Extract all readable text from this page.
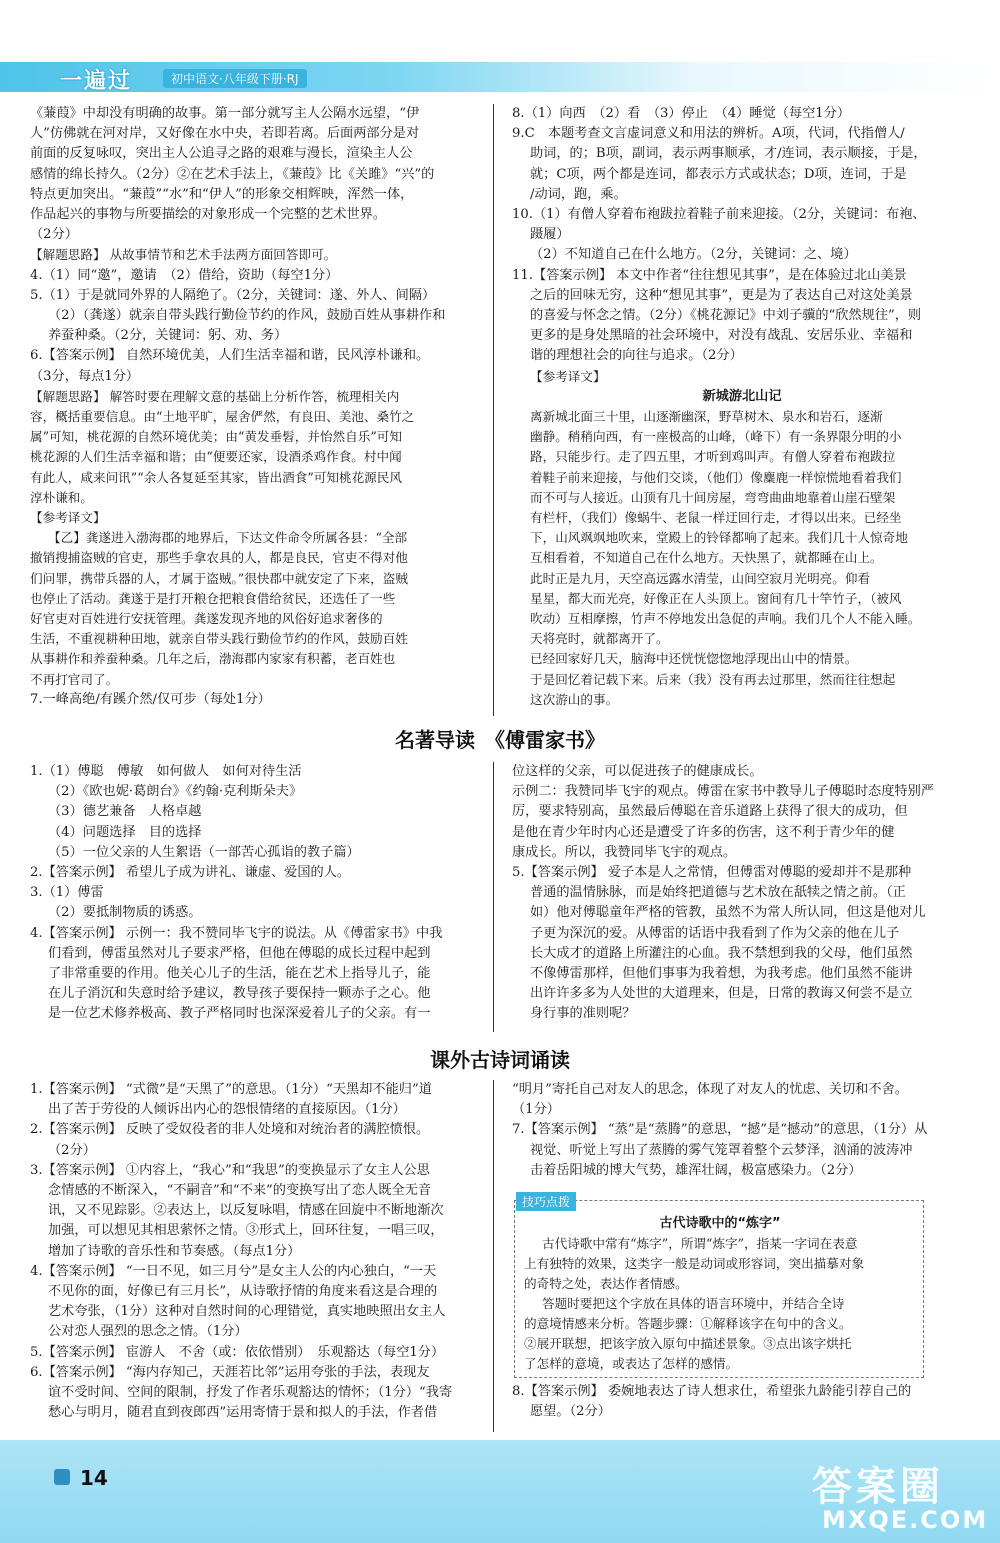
一遍过	初中语文·八年级下册·RJ

《蒹葭》中却没有明确的故事。第一部分就写主人公隔水远望，“伊

人”仿佛就在河对岸，又好像在水中央，若即若离。后面两部分是对

前面的反复咏叹，突出主人公追寻之路的艰难与漫长，渲染主人公

感情的绵长持久。（2分）②在艺术手法上，《蒹葭》比《关雎》“兴”的

特点更加突出。“蒹葭”“水”和“伊人”的形象交相辉映，浑然一体，

作品起兴的事物与所要描绘的对象形成一个完整的艺术世界。

（2分）

【解题思路】 从故事情节和艺术手法两方面回答即可。

4.（1）同“邀”，邀请　（2）借给，资助（每空1分）

5.（1）于是就同外界的人隔绝了。（2分，关键词：遂、外人、间隔）

（2）（龚遂）就亲自带头践行勤俭节约的作风，鼓励百姓从事耕作和

养蚕种桑。（2分，关键词：躬、劝、务）

6.【答案示例】 自然环境优美，人们生活幸福和谐，民风淳朴谦和。

（3分，每点1分）

【解题思路】 解答时要在理解文意的基础上分析作答，梳理相关内

容，概括重要信息。由“土地平旷，屋舍俨然，有良田、美池、桑竹之

属”可知，桃花源的自然环境优美；由“黄发垂髫，并怡然自乐”可知

桃花源的人们生活幸福和谐；由“便要还家，设酒杀鸡作食。村中闻

有此人，咸来问讯”“余人各复延至其家，皆出酒食”可知桃花源民风

淳朴谦和。

【参考译文】

【乙】龚遂进入渤海郡的地界后，下达文件命令所属各县：“全部

撤销搜捕盗贼的官吏，那些手拿农具的人，都是良民，官吏不得对他

们问罪，携带兵器的人，才属于盗贼。”很快郡中就安定了下来，盗贼

也停止了活动。龚遂于是打开粮仓把粮食借给贫民，还选任了一些

好官吏对百姓进行安抚管理。龚遂发现齐地的风俗好追求奢侈的

生活，不重视耕种田地，就亲自带头践行勤俭节约的作风，鼓励百姓

从事耕作和养蚕种桑。几年之后，渤海郡内家家有积蓄，老百姓也

不再打官司了。

7.一峰高绝/有蹊介然/仅可步（每处1分）

8.（1）向西　（2）看　（3）停止　（4）睡觉（每空1分）

9.C　本题考查文言虚词意义和用法的辨析。A项，代词，代指僧人/

助词，的；B项，副词，表示两事顺承，才/连词，表示顺接，于是，

就；C项，两个都是连词，都表示方式或状态；D项，连词，于是

/动词，跑，乘。

10.（1）有僧人穿着布袍跋拉着鞋子前来迎接。（2分，关键词：布袍、

蹑履）

（2）不知道自己在什么地方。（2分，关键词：之、境）

11.【答案示例】 本文中作者“往往想见其事”，是在体验过北山美景

之后的回味无穷，这种“想见其事”，更是为了表达自己对这处美景

的喜爱与怀念之情。（2分）《桃花源记》中刘子骥的“欣然规往”，则

更多的是身处黑暗的社会环境中，对没有战乱、安居乐业、幸福和

谐的理想社会的向往与追求。（2分）

【参考译文】

新城游北山记

离新城北面三十里，山逐渐幽深，野草树木、泉水和岩石，逐渐

幽静。稍稍向西，有一座极高的山峰，（峰下）有一条界限分明的小

路，只能步行。走了四五里，才听到鸡叫声。有僧人穿着布袍跋拉

着鞋子前来迎接，与他们交谈，（他们）像麋鹿一样惊慌地看着我们

而不可与人接近。山顶有几十间房屋，弯弯曲曲地靠着山崖石壁架

有栏杆，（我们）像蜗牛、老鼠一样迂回行走，才得以出来。已经坐

下，山风飒飒地吹来，堂殿上的铃铎都响了起来。我们几十人惊奇地

互相看着，不知道自己在什么地方。天快黑了，就都睡在山上。

此时正是九月，天空高远露水清莹，山间空寂月光明亮。仰看

星星，都大而光亮，好像正在人头顶上。窗间有几十竿竹子，（被风

吹动）互相摩擦，竹声不停地发出急促的声响。我们几个人不能入睡。

天将亮时，就都离开了。

已经回家好几天，脑海中还恍恍惚惚地浮现出山中的情景。

于是回忆着记载下来。后来（我）没有再去过那里，然而往往想起

这次游山的事。

名著导读　《傅雷家书》

1.（1）傅聪　傅敏　如何做人　如何对待生活

（2）《欧也妮·葛朗台》《约翰·克利斯朵夫》

（3）德艺兼备　人格卓越

（4）问题选择　目的选择

（5）一位父亲的人生絮语（一部苦心孤诣的教子篇）

2.【答案示例】 希望儿子成为讲礼、谦虚、爱国的人。

3.（1）傅雷

（2）要抵制物质的诱惑。

4.【答案示例】 示例一：我不赞同毕飞宇的说法。从《傅雷家书》中我

们看到，傅雷虽然对儿子要求严格，但他在傅聪的成长过程中起到

了非常重要的作用。他关心儿子的生活，能在艺术上指导儿子，能

在儿子消沉和失意时给予建议，教导孩子要保持一颗赤子之心。他

是一位艺术修养极高、教子严格同时也深深爱着儿子的父亲。有一

位这样的父亲，可以促进孩子的健康成长。

示例二：我赞同毕飞宇的观点。傅雷在家书中教导儿子傅聪时态度特别严

厉，要求特别高，虽然最后傅聪在音乐道路上获得了很大的成功，但

是他在青少年时内心还是遭受了许多的伤害，这不利于青少年的健

康成长。所以，我赞同毕飞宇的观点。

5.【答案示例】 爱子本是人之常情，但傅雷对傅聪的爱却并不是那种

普通的温情脉脉，而是始终把道德与艺术放在舐犊之情之前。（正

如）他对傅聪童年严格的管教，虽然不为常人所认同，但这是他对儿

子更为深沉的爱。从傅雷的话语中我看到了作为父亲的他在儿子

长大成才的道路上所灌注的心血。我不禁想到我的父母，他们虽然

不像傅雷那样，但他们事事为我着想，为我考虑。他们虽然不能讲

出许许多多为人处世的大道理来，但是，日常的教诲又何尝不是立

身行事的准则呢？

课外古诗词诵读

1.【答案示例】 “式微”是“天黑了”的意思。（1分）“天黑却不能归”道

出了苦于劳役的人倾诉出内心的怨恨情绪的直接原因。（1分）

2.【答案示例】 反映了受奴役者的非人处境和对统治者的满腔愤恨。

（2分）

3.【答案示例】 ①内容上，“我心”和“我思”的变换显示了女主人公思

念情感的不断深入，“不嗣音”和“不来”的变换写出了恋人既全无音

讯，又不见踪影。②表达上，以反复咏唱，情感在回旋中不断地渐次

加强，可以想见其相思萦怀之情。③形式上，回环往复，一唱三叹，

增加了诗歌的音乐性和节奏感。（每点1分）

4.【答案示例】 “一日不见，如三月兮”是女主人公的内心独白，“一天

不见你的面，好像已有三月长”，从诗歌抒情的角度来看这是合理的

艺术夸张，（1分）这种对自然时间的心理错觉，真实地映照出女主人

公对恋人强烈的思念之情。（1分）

5.【答案示例】 宦游人　不舍（或：依依惜别）　乐观豁达（每空1分）

6.【答案示例】 “海内存知己，天涯若比邻”运用夸张的手法，表现友

谊不受时间、空间的限制，抒发了作者乐观豁达的情怀；（1分）“我寄

愁心与明月，随君直到夜郎西”运用寄情于景和拟人的手法，作者借

“明月”寄托自己对友人的思念，体现了对友人的忧虑、关切和不舍。

（1分）

7.【答案示例】 “蒸”是“蒸腾”的意思，“撼”是“撼动”的意思，（1分）从

视觉、听觉上写出了蒸腾的雾气笼罩着整个云梦泽，汹涌的波涛冲

击着岳阳城的博大气势，雄浑壮阔，极富感染力。（2分）

技巧点拨

古代诗歌中的“炼字”

古代诗歌中常有“炼字”，所谓“炼字”，指某一字词在表意

上有独特的效果，这类字一般是动词或形容词，突出描摹对象

的奇特之处，表达作者情感。

答题时要把这个字放在具体的语言环境中，并结合全诗

的意境情感来分析。答题步骤：①解释该字在句中的含义。

②展开联想，把该字放入原句中描述景象。③点出该字烘托

了怎样的意境，或表达了怎样的感情。

8.【答案示例】 委婉地表达了诗人想求仕，希望张九龄能引荐自己的

愿望。（2分）

14	答案圈
MXQE.COM
